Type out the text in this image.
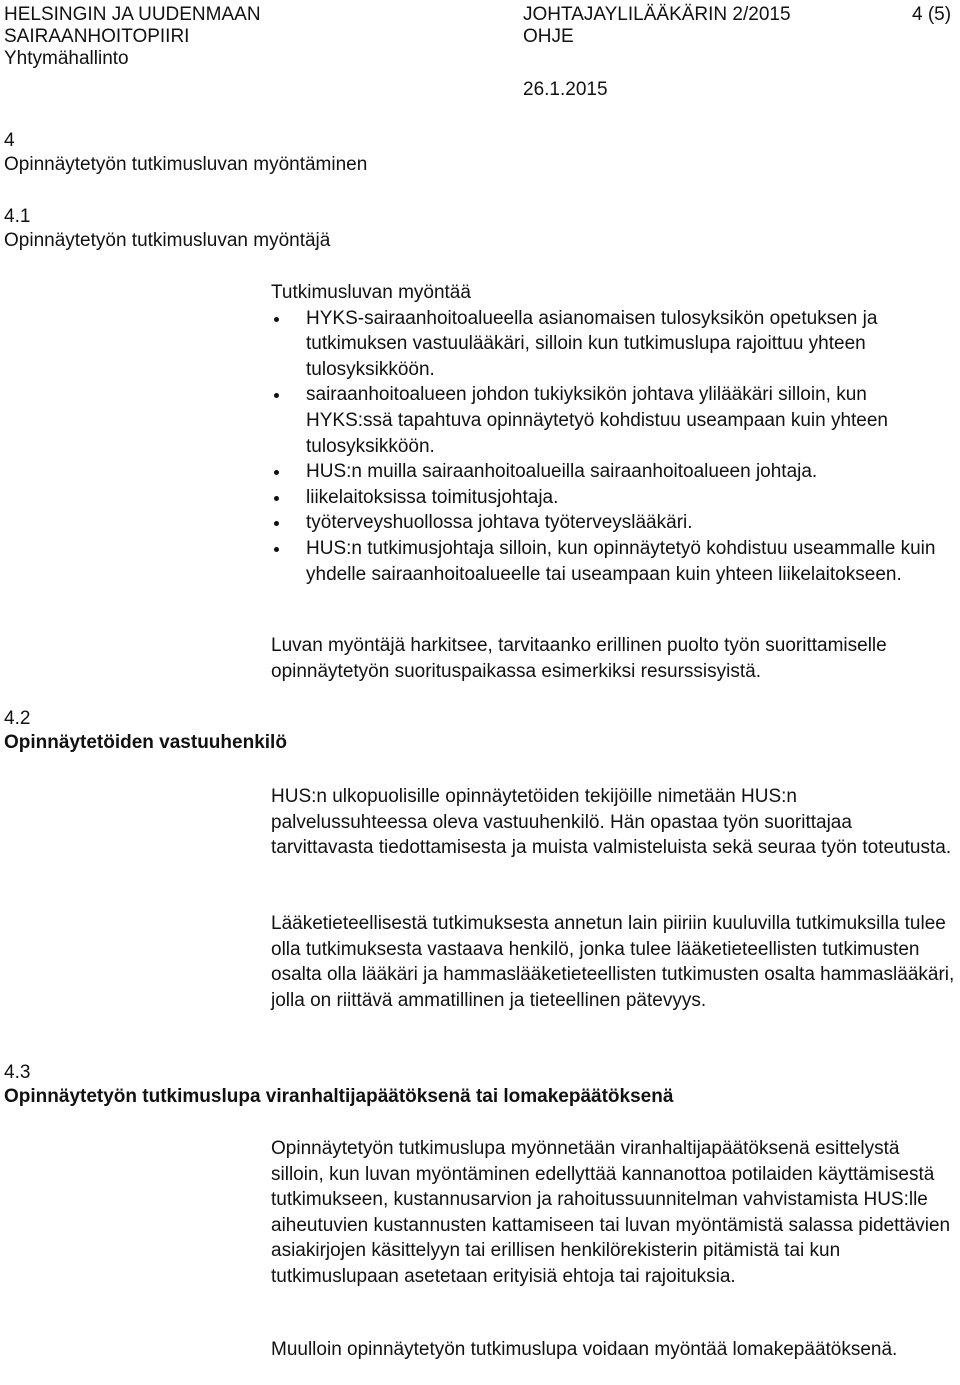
HELSINGIN JA UUDENMAAN
SAIRAANHOITOPIIRI
Yhtymähallinto
JOHTAJAYLILÄÄKÄRIN 2/2015
OHJE
4 (5)
26.1.2015
4
Opinnäytetyön tutkimusluvan myöntäminen
4.1
Opinnäytetyön tutkimusluvan myöntäjä

Tutkimusluvan myöntää

HYKS-sairaanhoitoalueella asianomaisen tulosyksikön opetuksen ja tutkimuksen vastuulääkäri, silloin kun tutkimuslupa rajoittuu yhteen tulosyksikköön.
sairaanhoitoalueen johdon tukiyksikön johtava ylilääkäri silloin, kun HYKS:ssä tapahtuva opinnäytetyö kohdistuu useampaan kuin yhteen tulosyksikköön.
HUS:n muilla sairaanhoitoalueilla sairaanhoitoalueen johtaja.
liikelaitoksissa toimitusjohtaja.
työterveyshuollossa johtava työterveyslääkäri.
HUS:n tutkimusjohtaja silloin, kun opinnäytetyö kohdistuu useammalle kuin yhdelle sairaanhoitoalueelle tai useampaan kuin yhteen liikelaitokseen.

Luvan myöntäjä harkitsee, tarvitaanko erillinen puolto työn suorittamiselle opinnäytetyön suorituspaikassa esimerkiksi resurssisyistä.

4.2
Opinnäytetöiden vastuuhenkilö

HUS:n ulkopuolisille opinnäytetöiden tekijöille nimetään HUS:n palvelussuhteessa oleva vastuuhenkilö. Hän opastaa työn suorittajaa tarvittavasta tiedottamisesta ja muista valmisteluista sekä seuraa työn toteutusta.

Lääketieteellisestä tutkimuksesta annetun lain piiriin kuuluvilla tutkimuksilla tulee olla tutkimuksesta vastaava henkilö, jonka tulee lääketieteellisten tutkimusten osalta olla lääkäri ja hammaslääketieteellisten tutkimusten osalta hammaslääkäri, jolla on riittävä ammatillinen ja tieteellinen pätevyys.

4.3
Opinnäytetyön tutkimuslupa viranhaltijapäätöksenä tai lomakepäätöksenä

Opinnäytetyön tutkimuslupa myönnetään viranhaltijapäätöksenä esittelystä silloin, kun luvan myöntäminen edellyttää kannanottoa potilaiden käyttämisestä tutkimukseen, kustannusarvion ja rahoitussuunnitelman vahvistamista HUS:lle aiheutuvien kustannusten kattamiseen tai luvan myöntämistä salassa pidettävien asiakirjojen käsittelyyn tai erillisen henkilörekisterin pitämistä tai kun tutkimuslupaan asetetaan erityisiä ehtoja tai rajoituksia.

Muulloin opinnäytetyön tutkimuslupa voidaan myöntää lomakepäätöksenä.
